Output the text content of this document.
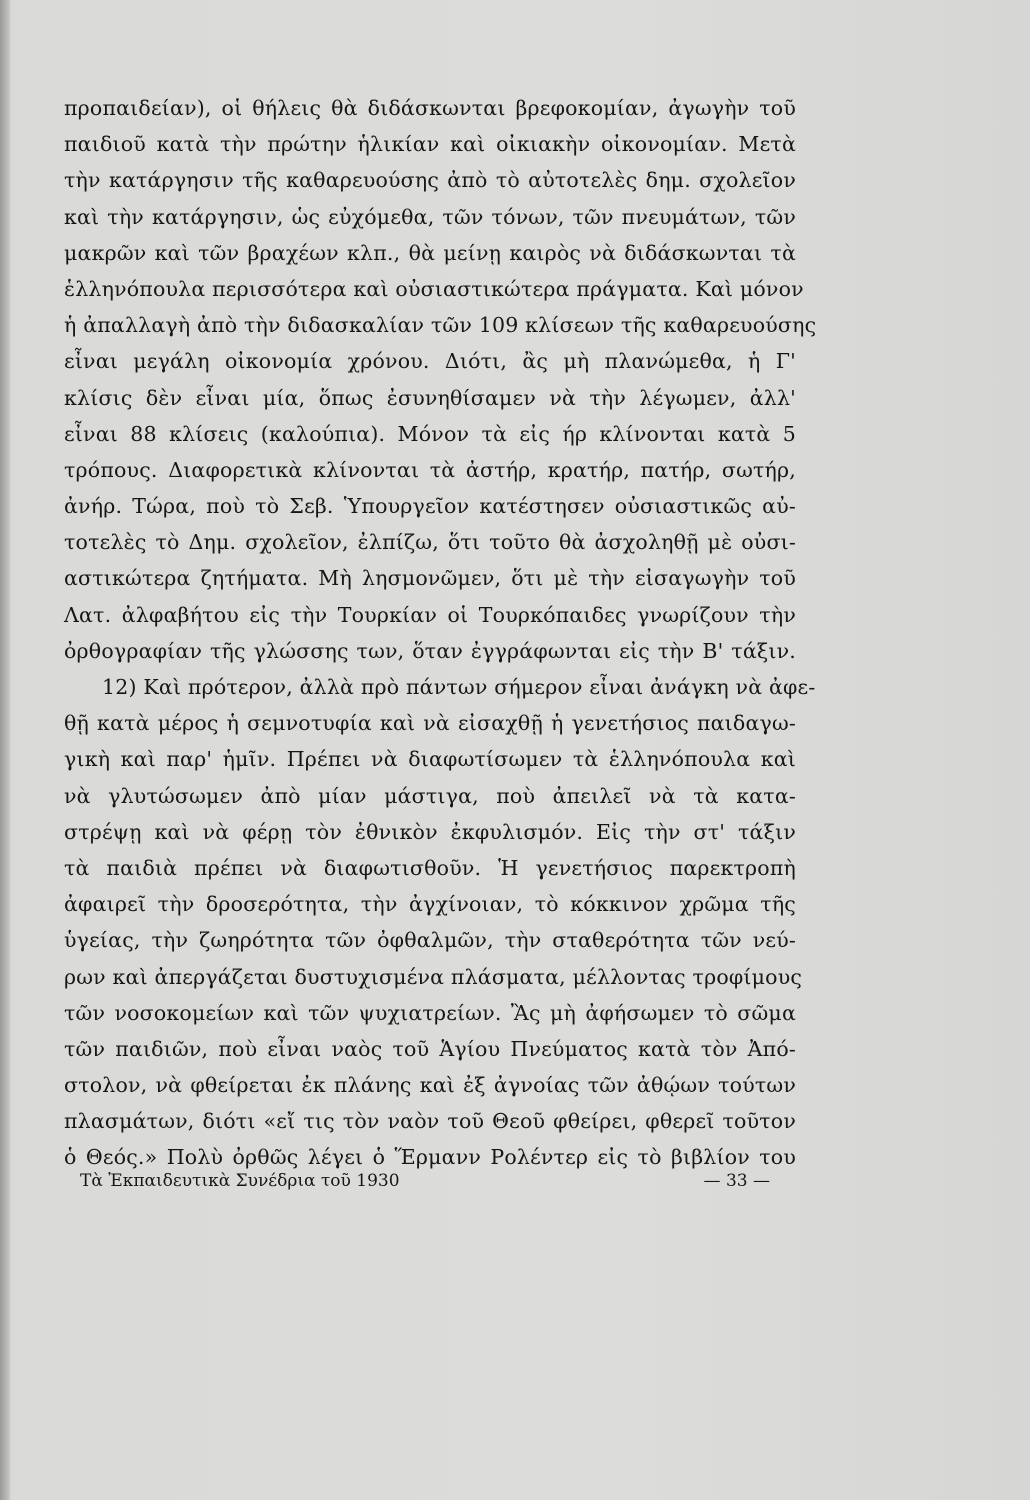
προπαιδείαν), οἱ θήλεις θὰ διδάσκωνται βρεφοκομίαν, ἀγωγὴν τοῦ
παιδιοῦ κατὰ τὴν πρώτην ἡλικίαν καὶ οἰκιακὴν οἰκονομίαν. Μετὰ
τὴν κατάργησιν τῆς καθαρευούσης ἀπὸ τὸ αὐτοτελὲς δημ. σχολεῖον
καὶ τὴν κατάργησιν, ὡς εὐχόμεθα, τῶν τόνων, τῶν πνευμάτων, τῶν
μακρῶν καὶ τῶν βραχέων κλπ., θὰ μείνῃ καιρὸς νὰ διδάσκωνται τὰ
ἑλληνόπουλα περισσότερα καὶ οὐσιαστικώτερα πράγματα. Καὶ μόνον
ἡ ἀπαλλαγὴ ἀπὸ τὴν διδασκαλίαν τῶν 109 κλίσεων τῆς καθαρευούσης
εἶναι μεγάλη οἰκονομία χρόνου. Διότι, ἂς μὴ πλανώμεθα, ἡ Γ'
κλίσις δὲν εἶναι μία, ὅπως ἐσυνηθίσαμεν νὰ τὴν λέγωμεν, ἀλλ'
εἶναι 88 κλίσεις (καλούπια). Μόνον τὰ εἰς ήρ κλίνονται κατὰ 5
τρόπους. Διαφορετικὰ κλίνονται τὰ ἀστήρ, κρατήρ, πατήρ, σωτήρ,
ἀνήρ. Τώρα, ποὺ τὸ Σεβ. Ὑπουργεῖον κατέστησεν οὐσιαστικῶς αὐ-
τοτελὲς τὸ Δημ. σχολεῖον, ἐλπίζω, ὅτι τοῦτο θὰ ἀσχοληθῇ μὲ οὐσι-
αστικώτερα ζητήματα. Μὴ λησμονῶμεν, ὅτι μὲ τὴν εἰσαγωγὴν τοῦ
Λατ. ἀλφαβήτου εἰς τὴν Τουρκίαν οἱ Τουρκόπαιδες γνωρίζουν τὴν
ὀρθογραφίαν τῆς γλώσσης των, ὅταν ἐγγράφωνται εἰς τὴν Β' τάξιν.
12) Καὶ πρότερον, ἀλλὰ πρὸ πάντων σήμερον εἶναι ἀνάγκη νὰ ἀφε-
θῇ κατὰ μέρος ἡ σεμνοτυφία καὶ νὰ εἰσαχθῇ ἡ γενετήσιος παιδαγω-
γικὴ καὶ παρ' ἡμῖν. Πρέπει νὰ διαφωτίσωμεν τὰ ἑλληνόπουλα καὶ
νὰ γλυτώσωμεν ἀπὸ μίαν μάστιγα, ποὺ ἀπειλεῖ νὰ τὰ κατα-
στρέψῃ καὶ νὰ φέρῃ τὸν ἐθνικὸν ἐκφυλισμόν. Εἰς τὴν στ' τάξιν
τὰ παιδιὰ πρέπει νὰ διαφωτισθοῦν. Ἡ γενετήσιος παρεκτροπὴ
ἀφαιρεῖ τὴν δροσερότητα, τὴν ἀγχίνοιαν, τὸ κόκκινον χρῶμα τῆς
ὑγείας, τὴν ζωηρότητα τῶν ὀφθαλμῶν, τὴν σταθερότητα τῶν νεύ-
ρων καὶ ἀπεργάζεται δυστυχισμένα πλάσματα, μέλλοντας τροφίμους
τῶν νοσοκομείων καὶ τῶν ψυχιατρείων. Ἂς μὴ ἀφήσωμεν τὸ σῶμα
τῶν παιδιῶν, ποὺ εἶναι ναὸς τοῦ Ἁγίου Πνεύματος κατὰ τὸν Ἀπό-
στολον, νὰ φθείρεται ἐκ πλάνης καὶ ἐξ ἀγνοίας τῶν ἀθῴων τούτων
πλασμάτων, διότι «εἴ τις τὸν ναὸν τοῦ Θεοῦ φθείρει, φθερεῖ τοῦτον
ὁ Θεός.» Πολὺ ὀρθῶς λέγει ὁ Ἕρμανν Ρολέντερ εἰς τὸ βιβλίον του
Τὰ Ἐκπαιδευτικὰ Συνέδρια τοῦ 1930	— 33 —
